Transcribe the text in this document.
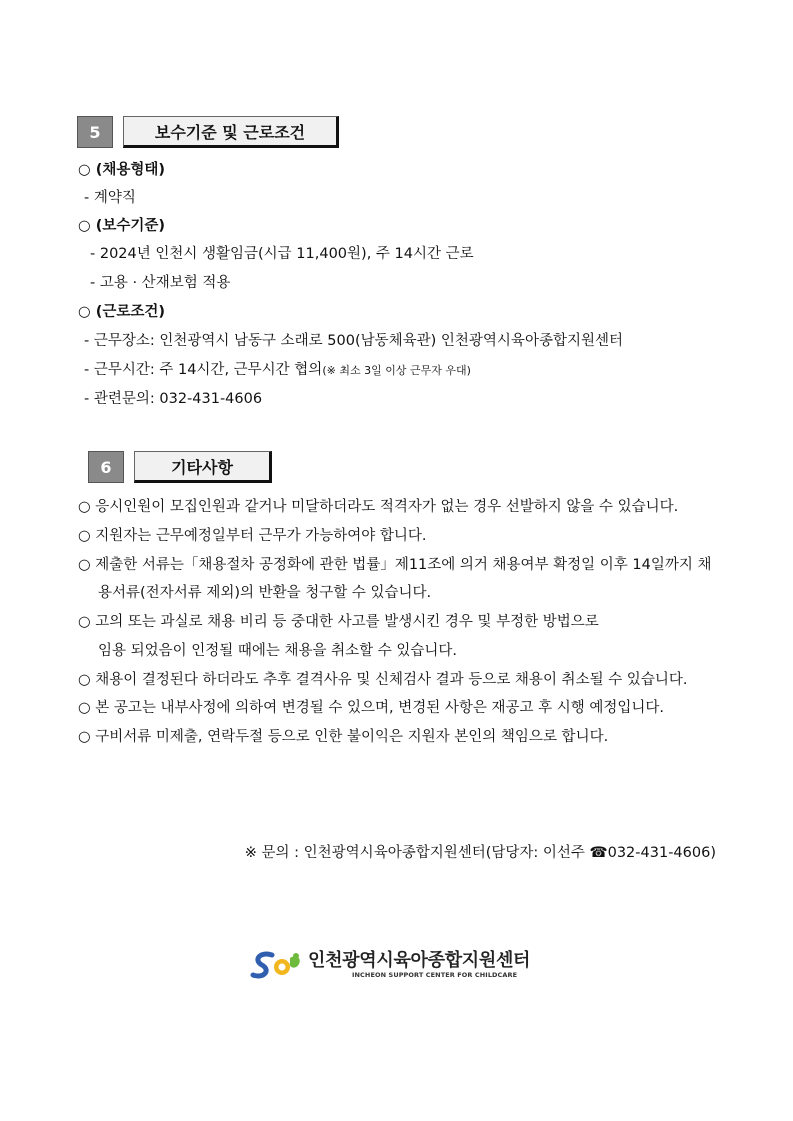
5	보수기준 및 근로조건
○ (채용형태)
- 계약직
○ (보수기준)
- 2024년 인천시 생활임금(시급 11,400원), 주 14시간 근로
- 고용 · 산재보험 적용
○ (근로조건)
- 근무장소: 인천광역시 남동구 소래로 500(남동체육관) 인천광역시육아종합지원센터
- 근무시간: 주 14시간, 근무시간 협의(※ 최소 3일 이상 근무자 우대)
- 관련문의: 032-431-4606
6	기타사항
○ 응시인원이 모집인원과 같거나 미달하더라도 적격자가 없는 경우 선발하지 않을 수 있습니다.
○ 지원자는 근무예정일부터 근무가 가능하여야 합니다.
○ 제출한 서류는「채용절차 공정화에 관한 법률」제11조에 의거 채용여부 확정일 이후 14일까지 채
용서류(전자서류 제외)의 반환을 청구할 수 있습니다.
○ 고의 또는 과실로 채용 비리 등 중대한 사고를 발생시킨 경우 및 부정한 방법으로
임용 되었음이 인정될 때에는 채용을 취소할 수 있습니다.
○ 채용이 결정된다 하더라도 추후 결격사유 및 신체검사 결과 등으로 채용이 취소될 수 있습니다.
○ 본 공고는 내부사정에 의하여 변경될 수 있으며, 변경된 사항은 재공고 후 시행 예정입니다.
○ 구비서류 미제출, 연락두절 등으로 인한 불이익은 지원자 본인의 책임으로 합니다.
※ 문의 : 인천광역시육아종합지원센터(담당자: 이선주 ☎032-431-4606)
인천광역시육아종합지원센터
INCHEON SUPPORT CENTER FOR CHILDCARE
